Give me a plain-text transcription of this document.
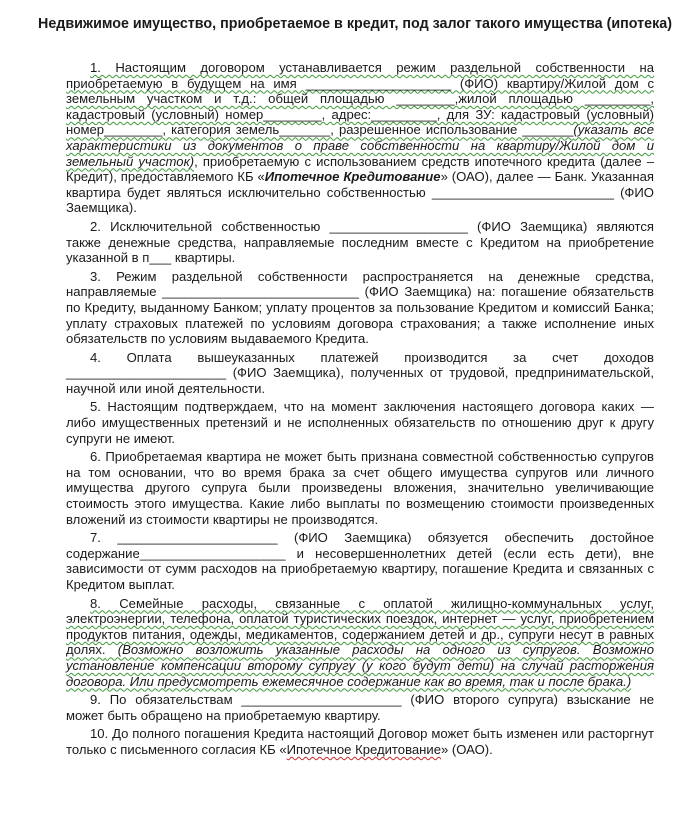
Недвижимое имущество, приобретаемое в кредит, под залог такого имущества (ипотека)

1. Настоящим договором устанавливается режим раздельной собственности на приобретаемую в будущем на имя ____________________ (ФИО) квартиру/Жилой дом с земельным участком и т.д.: общей площадью ________,жилой площадью _________, кадастровый (условный) номер________, адрес:_________, для ЗУ: кадастровый (условный) номер________, категория земель_______, разрешенное использование _______(указать все характеристики из документов о праве собственности на квартиру/Жилой дом и земельный участок), приобретаемую с использованием средств ипотечного кредита (далее – Кредит), предоставляемого КБ «Ипотечное Кредитование» (ОАО), далее — Банк. Указанная квартира будет являться исключительно собственностью _________________________ (ФИО Заемщика).

2. Исключительной собственностью ___________________ (ФИО Заемщика) являются также денежные средства, направляемые последним вместе с Кредитом на приобретение указанной в п___ квартиры.

3. Режим раздельной собственности распространяется на денежные средства, направляемые ___________________________ (ФИО Заемщика) на: погашение обязательств по Кредиту, выданному Банком; уплату процентов за пользование Кредитом и комиссий Банка; уплату страховых платежей по условиям договора страхования; а также исполнение иных обязательств по условиям выдаваемого Кредита.

4. Оплата вышеуказанных платежей производится за счет доходов ______________________ (ФИО Заемщика), полученных от трудовой, предпринимательской, научной или иной деятельности.

5. Настоящим подтверждаем, что на момент заключения настоящего договора каких — либо имущественных претензий и не исполненных обязательств по отношению друг к другу супруги не имеют.

6. Приобретаемая квартира не может быть признана совместной собственностью супругов на том основании, что во время брака за счет общего имущества супругов или личного имущества другого супруга были произведены вложения, значительно увеличивающие стоимость этого имущества. Какие либо выплаты по возмещению стоимости произведенных вложений из стоимости квартиры не производятся.

7. ______________________ (ФИО Заемщика) обязуется обеспечить достойное содержание____________________ и несовершеннолетних детей (если есть дети), вне зависимости от сумм расходов на приобретаемую квартиру, погашение Кредита и связанных с Кредитом выплат.

8. Семейные расходы, связанные с оплатой жилищно-коммунальных услуг, электроэнергии, телефона, оплатой туристических поездок, интернет — услуг, приобретением продуктов питания, одежды, медикаментов, содержанием детей и др., супруги несут в равных долях. (Возможно возложить указанные расходы на одного из супругов. Возможно установление компенсации второму супругу (у кого будут дети) на случай расторжения договора. Или предусмотреть ежемесячное содержание как во время, так и после брака.)

9. По обязательствам ______________________ (ФИО второго супруга) взыскание не может быть обращено на приобретаемую квартиру.

10. До полного погашения Кредита настоящий Договор может быть изменен или расторгнут только с письменного согласия КБ «Ипотечное Кредитование» (ОАО).
